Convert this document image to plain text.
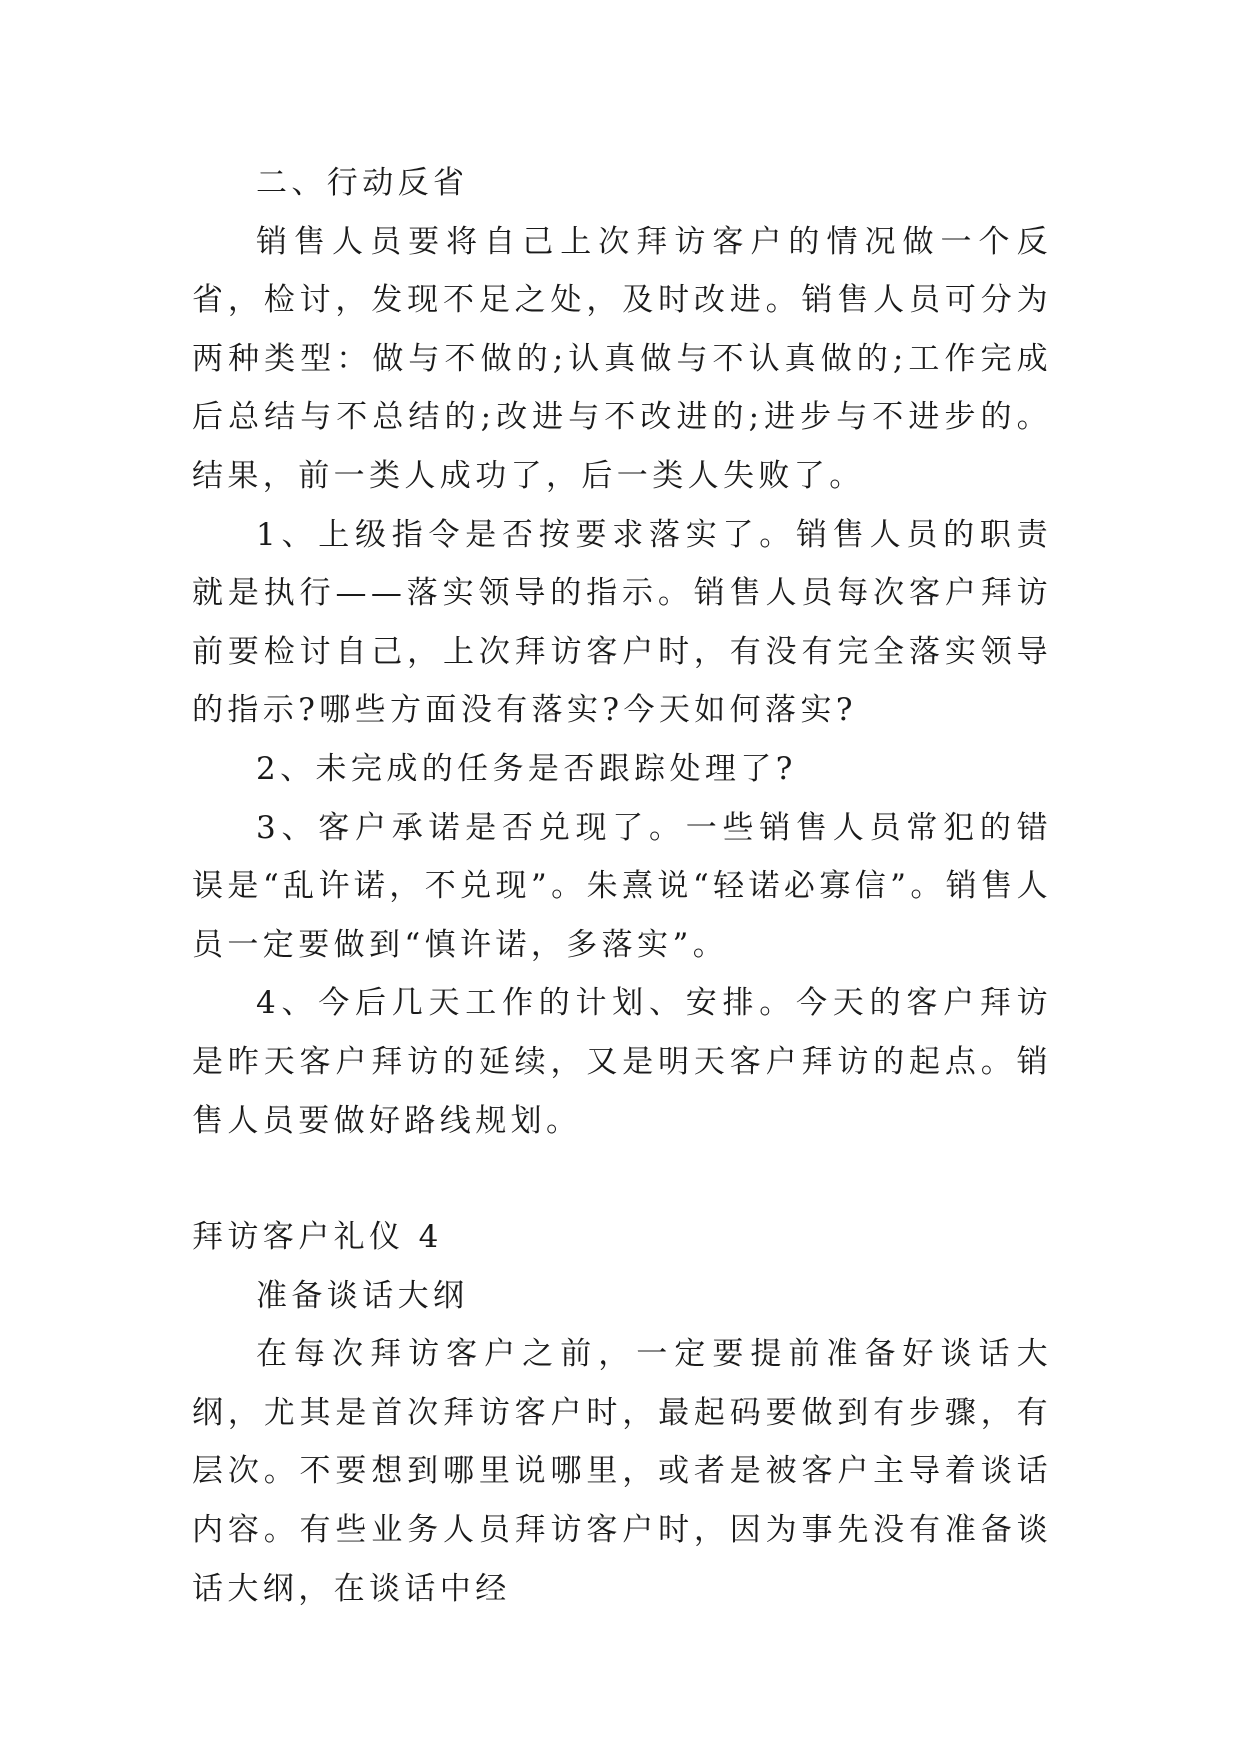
二、行动反省

销售人员要将自己上次拜访客户的情况做一个反省，检讨，发现不足之处，及时改进。销售人员可分为两种类型：做与不做的;认真做与不认真做的;工作完成后总结与不总结的;改进与不改进的;进步与不进步的。结果，前一类人成功了，后一类人失败了。

1、上级指令是否按要求落实了。销售人员的职责就是执行——落实领导的指示。销售人员每次客户拜访前要检讨自己，上次拜访客户时，有没有完全落实领导的指示?哪些方面没有落实?今天如何落实?

2、未完成的任务是否跟踪处理了?

3、客户承诺是否兑现了。一些销售人员常犯的错误是“乱许诺，不兑现”。朱熹说“轻诺必寡信”。销售人员一定要做到“慎许诺，多落实”。

4、今后几天工作的计划、安排。今天的客户拜访是昨天客户拜访的延续，又是明天客户拜访的起点。销售人员要做好路线规划。

拜访客户礼仪 4

准备谈话大纲

在每次拜访客户之前，一定要提前准备好谈话大纲，尤其是首次拜访客户时，最起码要做到有步骤，有层次。不要想到哪里说哪里，或者是被客户主导着谈话内容。有些业务人员拜访客户时，因为事先没有准备谈话大纲，在谈话中经
